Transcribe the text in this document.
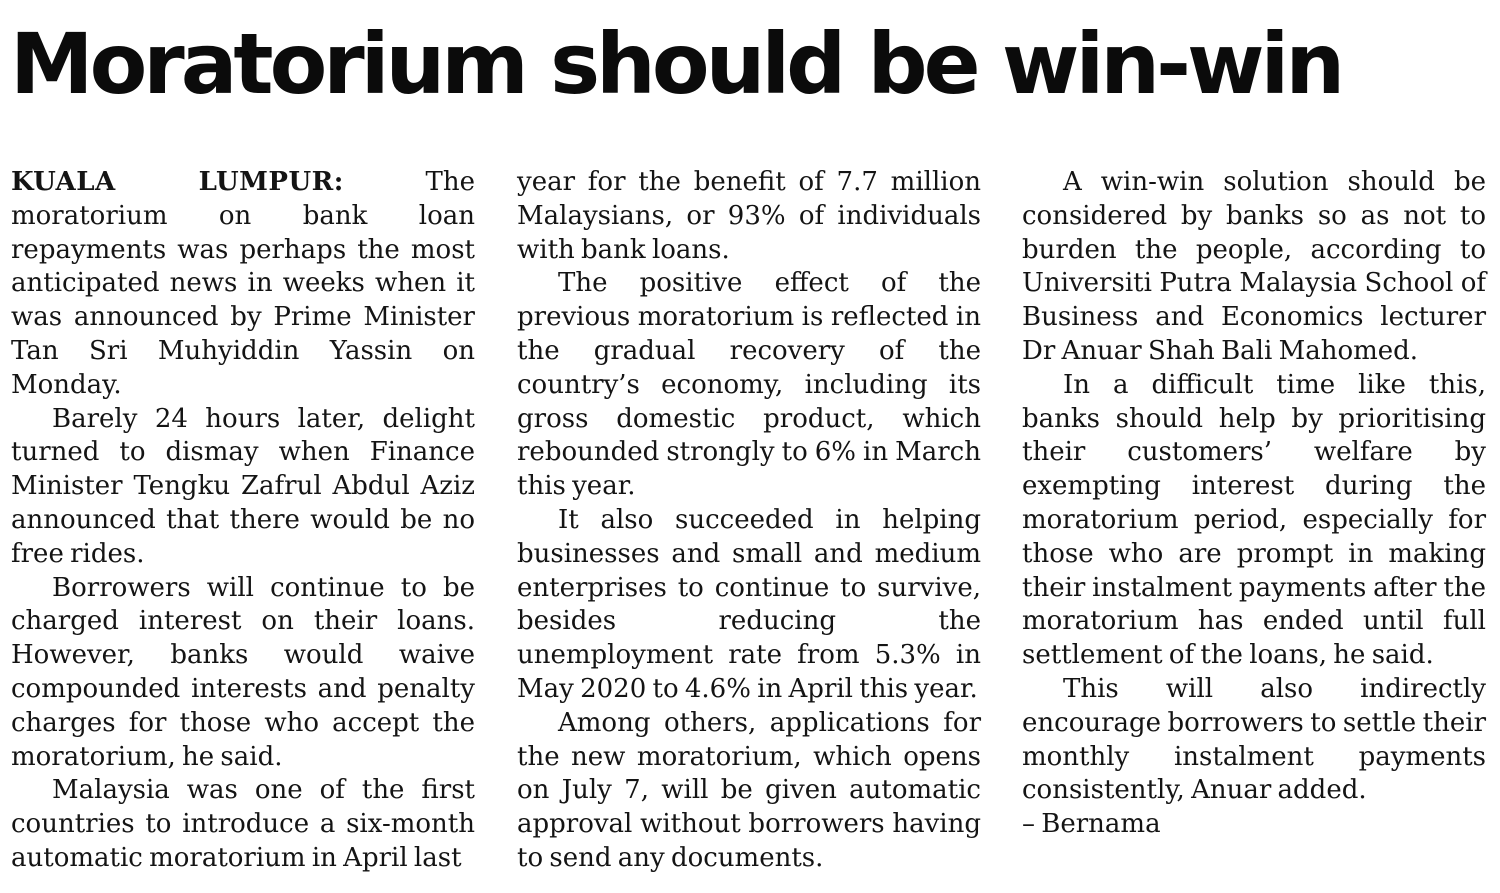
Moratorium should be win-win

KUALA LUMPUR:	The moratorium on bank loan repayments was perhaps the most anticipated news in weeks when it was announced by Prime Minister Tan Sri Muhyiddin Yassin on Monday.

Barely 24 hours later, delight turned to dismay when Finance Minister Tengku Zafrul Abdul Aziz announced that there would be no free rides.

Borrowers will continue to be charged interest on their loans. However, banks would waive compounded interests and penalty charges for those who accept the moratorium, he said.

Malaysia was one of the first countries to introduce a six-month automatic moratorium in April last

year for the benefit of 7.7 million Malaysians, or 93% of individuals with bank loans.

The positive effect of the previous moratorium is reflected in the gradual recovery of the country’s economy, including its gross domestic product, which rebounded strongly to 6% in March this year.

It also succeeded in helping businesses and small and medium enterprises to continue to survive, besides reducing the unemployment rate from 5.3% in May 2020 to 4.6% in April this year.

Among others, applications for the new moratorium, which opens on July 7, will be given automatic approval without borrowers having to send any documents.

A win-win solution should be considered by banks so as not to burden the people, according to Universiti Putra Malaysia School of Business and Economics lecturer Dr Anuar Shah Bali Mahomed.

In a difficult time like this, banks should help by prioritising their customers’ welfare by exempting interest during the moratorium period, especially for those who are prompt in making their instalment payments after the moratorium has ended until full settlement of the loans, he said.

This will also indirectly encourage borrowers to settle their monthly instalment payments consistently, Anuar added.

– Bernama
